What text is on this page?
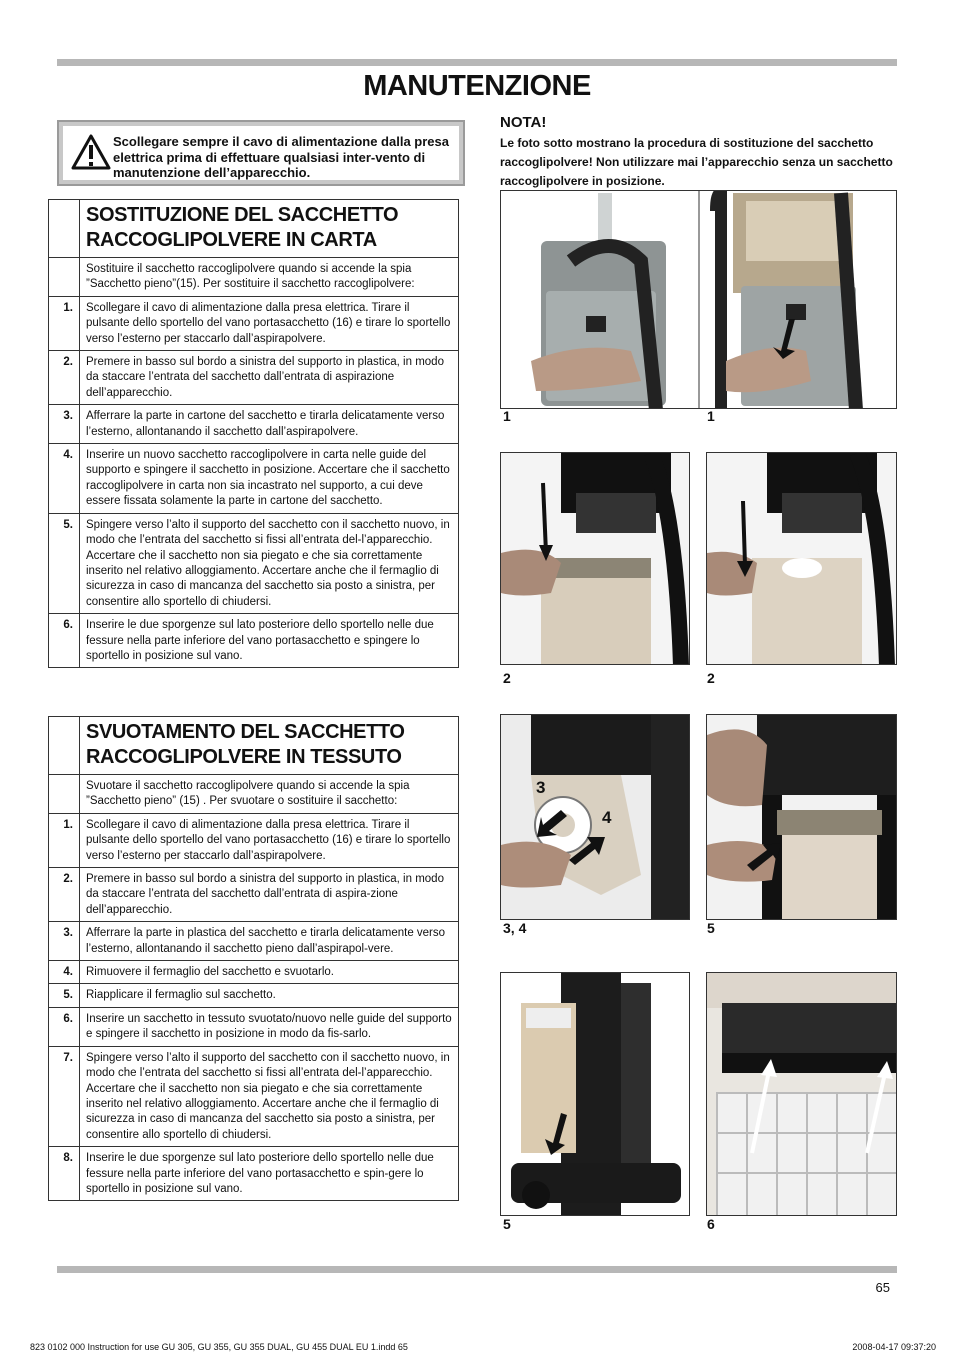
MANUTENZIONE
Scollegare sempre il cavo di alimentazione dalla presa elettrica prima di effettuare qualsiasi inter-vento di manutenzione dell’apparecchio.
NOTA!

Le foto sotto mostrano la procedura di sostituzione del sacchetto raccoglipolvere! Non utilizzare mai l’apparecchio senza un sacchetto raccoglipolvere in posizione.

	SOSTITUZIONE DEL SACCHETTO RACCOGLIPOLVERE IN CARTA
	Sostituire il sacchetto raccoglipolvere quando si accende la spia ”Sacchetto pieno”(15). Per sostituire il sacchetto raccoglipolvere:
1.	Scollegare il cavo di alimentazione dalla presa elettrica. Tirare il pulsante dello sportello del vano portasacchetto (16) e tirare lo sportello verso l’esterno per staccarlo dall’aspirapolvere.
2.	Premere in basso sul bordo a sinistra del supporto in plastica, in modo da staccare l’entrata del sacchetto dall’entrata di aspirazione dell’apparecchio.
3.	Afferrare la parte in cartone del sacchetto e tirarla delicatamente verso l’esterno, allontanando il sacchetto dall’aspirapolvere.
4.	Inserire un nuovo sacchetto raccoglipolvere in carta nelle guide del supporto e spingere il sacchetto in posizione. Accertare che il sacchetto raccoglipolvere in carta non sia incastrato nel supporto, a cui deve essere fissata solamente la parte in cartone del sacchetto.
5.	Spingere verso l’alto il supporto del sacchetto con il sacchetto nuovo, in modo che l’entrata del sacchetto si fissi all’entrata del-l’apparecchio. Accertare che il sacchetto non sia piegato e che sia correttamente inserito nel relativo alloggiamento. Accertare anche che il fermaglio di sicurezza in caso di mancanza del sacchetto sia posto a sinistra, per consentire allo sportello di chiudersi.
6.	Inserire le due sporgenze sul lato posteriore dello sportello nelle due fessure nella parte inferiore del vano portasacchetto e spingere lo sportello in posizione sul vano.
	SVUOTAMENTO DEL SACCHETTO RACCOGLIPOLVERE IN TESSUTO
	Svuotare il sacchetto raccoglipolvere quando si accende la spia ”Sacchetto pieno” (15) . Per svuotare o sostituire il sacchetto:
1.	Scollegare il cavo di alimentazione dalla presa elettrica. Tirare il pulsante dello sportello del vano portasacchetto (16) e tirare lo sportello verso l’esterno per staccarlo dall’aspirapolvere.
2.	Premere in basso sul bordo a sinistra del supporto in plastica, in modo da staccare l’entrata del sacchetto dall’entrata di aspira-zione dell’apparecchio.
3.	Afferrare la parte in plastica del sacchetto e tirarla delicatamente verso l’esterno, allontanando il sacchetto pieno dall’aspirapol-vere.
4.	Rimuovere il fermaglio del sacchetto e svuotarlo.
5.	Riapplicare il fermaglio sul sacchetto.
6.	Inserire un sacchetto in tessuto svuotato/nuovo nelle guide del supporto e spingere il sacchetto in posizione in modo da fis-sarlo.
7.	Spingere verso l’alto il supporto del sacchetto con il sacchetto nuovo, in modo che l’entrata del sacchetto si fissi all’entrata del-l’apparecchio. Accertare che il sacchetto non sia piegato e che sia correttamente inserito nel relativo alloggiamento. Accertare anche che il fermaglio di sicurezza in caso di mancanza del sacchetto sia posto a sinistra, per consentire allo sportello di chiudersi.
8.	Inserire le due sporgenze sul lato posteriore dello sportello nelle due fessure nella parte inferiore del vano portasacchetto e spin-gere lo sportello in posizione sul vano.
1	1
2	2
3
4
3, 4	5
5	6
65
823 0102 000 Instruction for use GU 305, GU 355, GU 355 DUAL, GU 455 DUAL EU 1.indd 65	2008-04-17 09:37:20
